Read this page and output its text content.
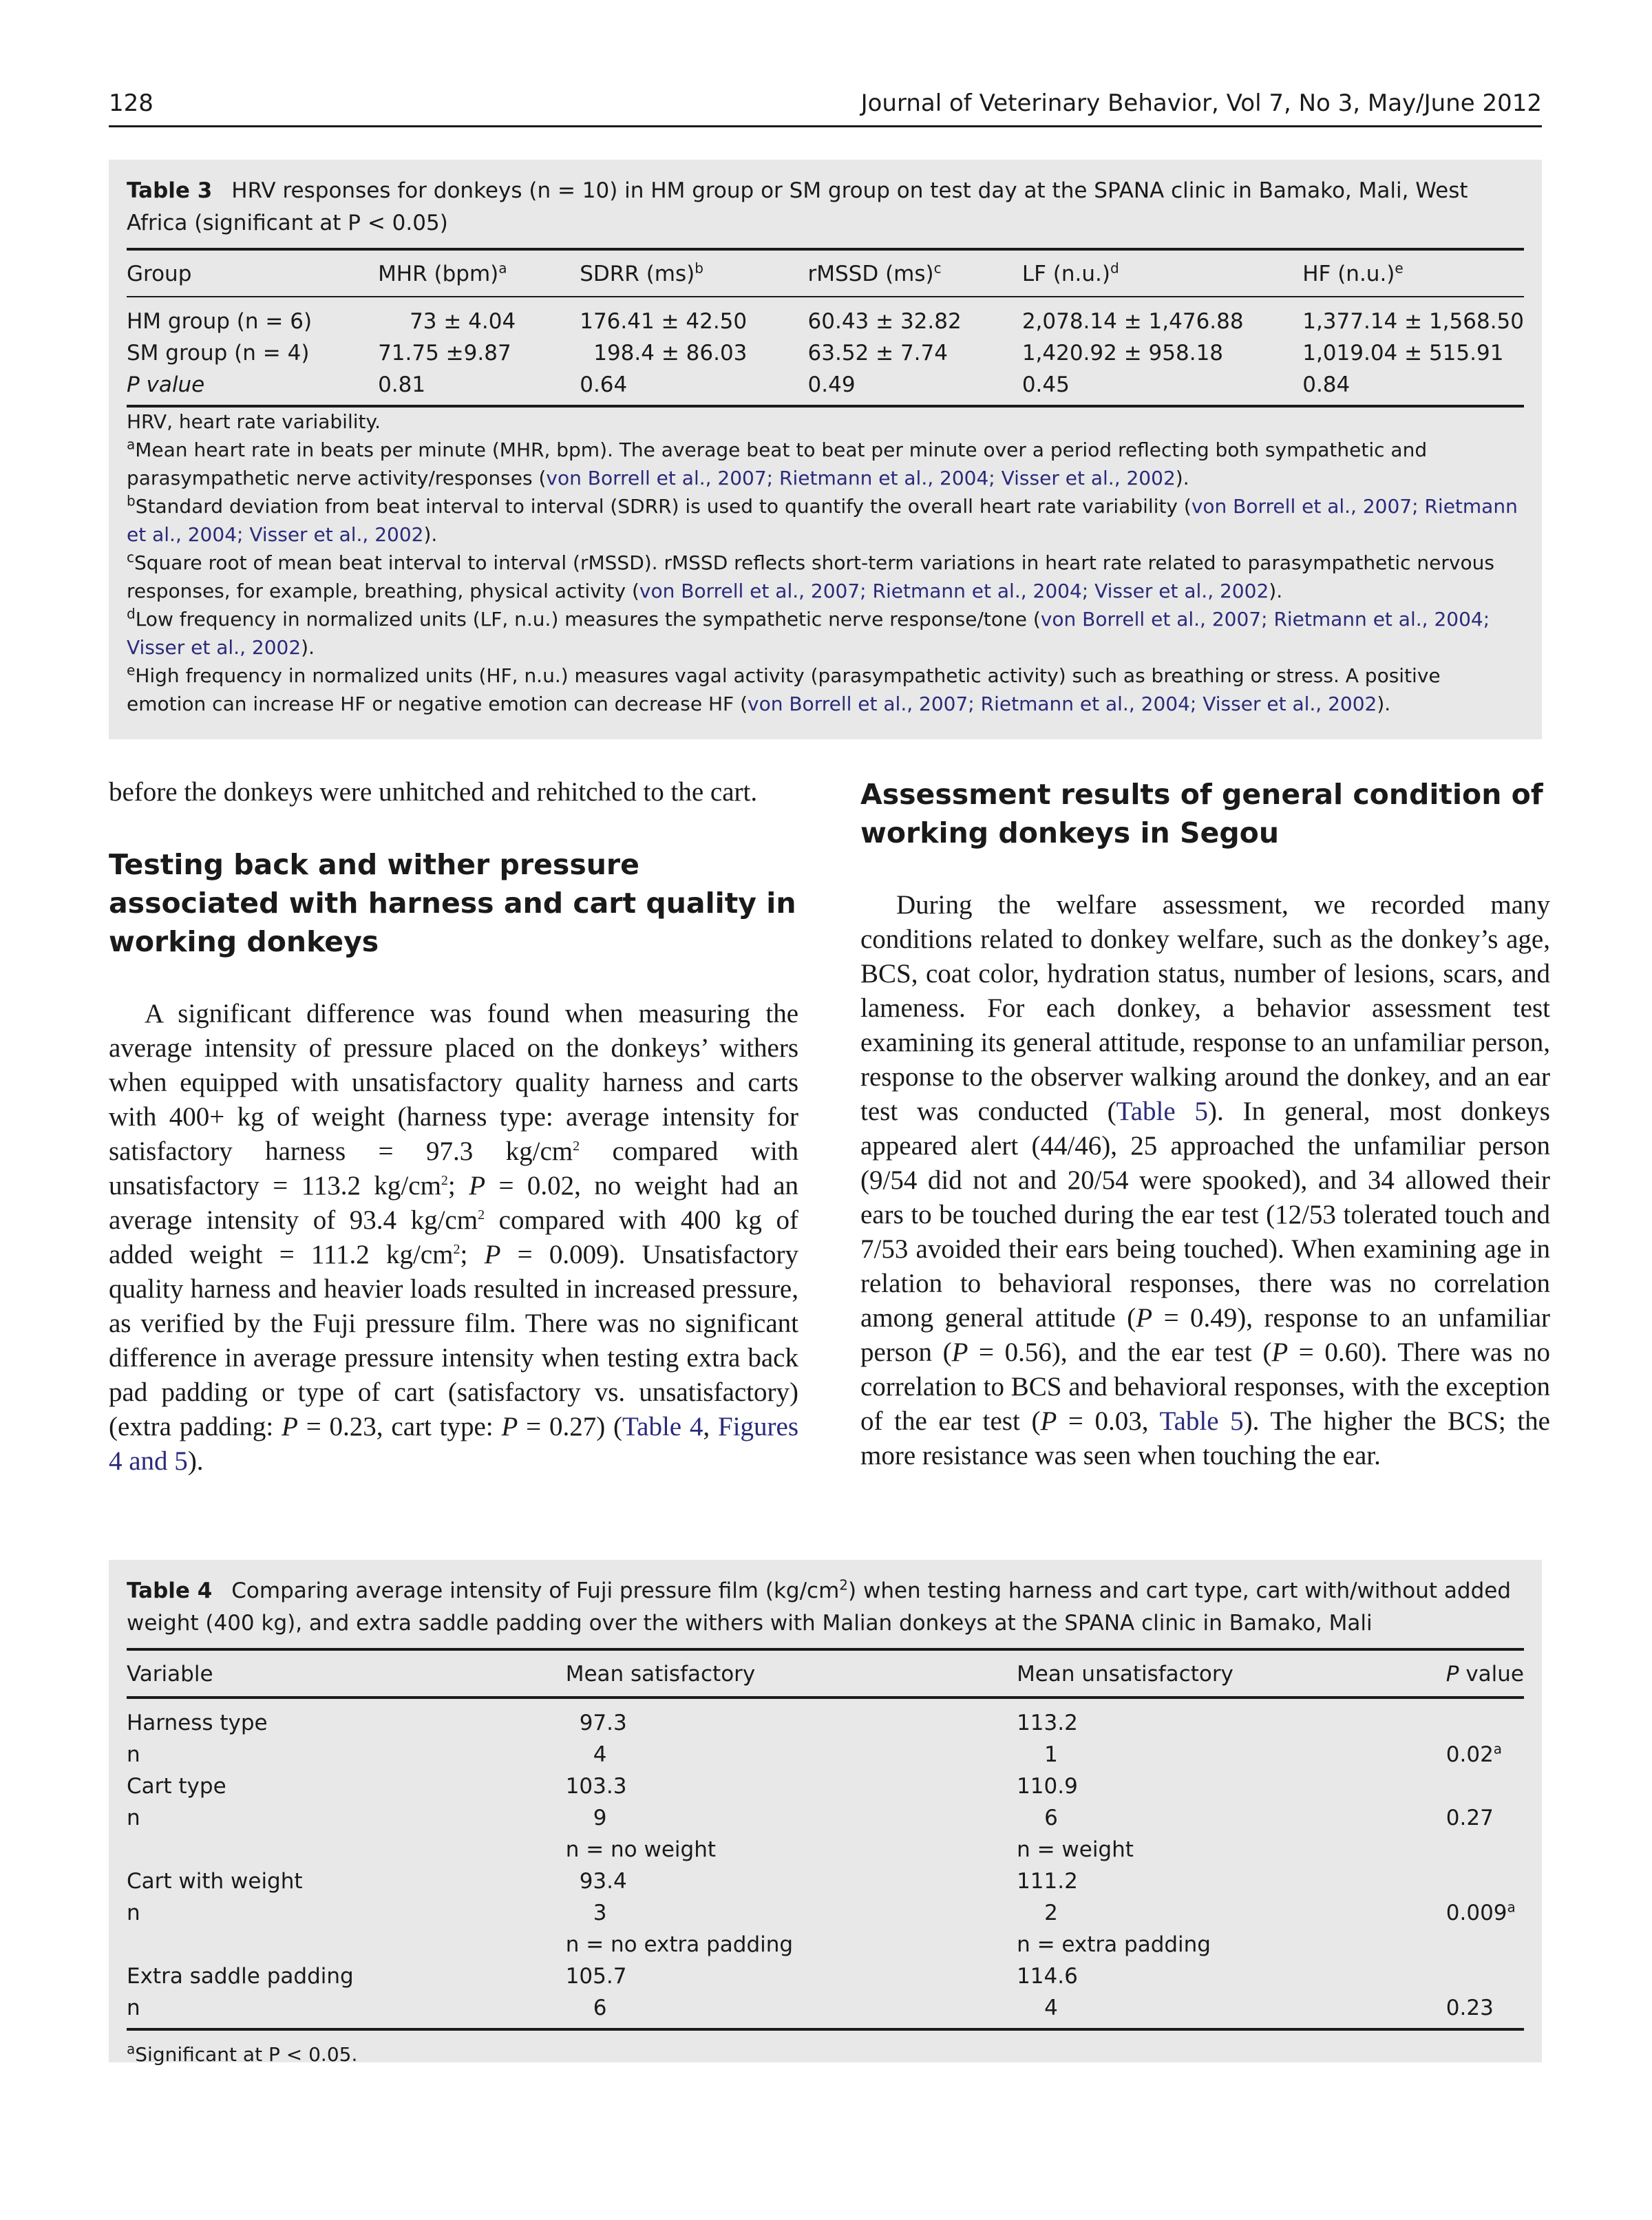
128	Journal of Veterinary Behavior, Vol 7, No 3, May/June 2012
Table 3 HRV responses for donkeys (n = 10) in HM group or SM group on test day at the SPANA clinic in Bamako, Mali, West Africa (significant at P < 0.05)
Group	MHR (bpm)$^a$	SDRR (ms)$^b$	rMSSD (ms)$^c$	LF $(n.u.)^d$	HF $(n.u.)^e$
HM group (n = 6)	73 ± 4.04	176.41 ± 42.50	60.43 ± 32.82	2,078.14 ± 1,476.88	1,377.14 ± 1,568.50
SM group (n = 4)	71.75 ±9.87	198.4 ± 86.03	63.52 ± 7.74	1,420.92 ± 958.18	1,019.04 ± 515.91
P value	0.81	0.64	0.49	0.45	0.84

HRV, heart rate variability.

$^a$Mean heart rate in beats per minute (MHR, bpm). The average beat to beat per minute over a period reflecting both sympathetic and parasympathetic nerve activity/responses (von Borrell et al., 2007; Rietmann et al., 2004; Visser et al., 2002).

$^b$Standard deviation from beat interval to interval (SDRR) is used to quantify the overall heart rate variability (von Borrell et al., 2007; Rietmann et al., 2004; Visser et al., 2002).

$^c$Square root of mean beat interval to interval (rMSSD). rMSSD reflects short-term variations in heart rate related to parasympathetic nervous responses, for example, breathing, physical activity (von Borrell et al., 2007; Rietmann et al., 2004; Visser et al., 2002).

$^d$Low frequency in normalized units (LF, n.u.) measures the sympathetic nerve response/tone (von Borrell et al., 2007; Rietmann et al., 2004; Visser et al., 2002).

$^e$High frequency in normalized units (HF, n.u.) measures vagal activity (parasympathetic activity) such as breathing or stress. A positive emotion can increase HF or negative emotion can decrease HF (von Borrell et al., 2007; Rietmann et al., 2004; Visser et al., 2002).

before the donkeys were unhitched and rehitched to the cart.

Testing back and wither pressure associated with harness and cart quality in working donkeys

A significant difference was found when measuring the average intensity of pressure placed on the donkeys’ withers when equipped with unsatisfactory quality harness and carts with 400+ kg of weight (harness type: average intensity for satisfactory harness = 97.3 $kg/cm^2$ compared with unsatisfactory = 113.2 $kg/cm^2$; P = 0.02, no weight had an average intensity of 93.4 $kg/cm^2$ compared with 400 kg of added weight = 111.2 $kg/cm^2$; P = 0.009). Unsatisfactory quality harness and heavier loads resulted in increased pressure, as verified by the Fuji pressure film. There was no significant difference in average pressure intensity when testing extra back pad padding or type of cart (satisfactory vs. unsatisfactory) (extra padding: P = 0.23, cart type: P = 0.27) (Table 4, Figures 4 and 5).

Assessment results of general condition of working donkeys in Segou

During the welfare assessment, we recorded many conditions related to donkey welfare, such as the donkey’s age, BCS, coat color, hydration status, number of lesions, scars, and lameness. For each donkey, a behavior assessment test examining its general attitude, response to an unfamiliar person, response to the observer walking around the donkey, and an ear test was conducted (Table 5). In general, most donkeys appeared alert (44/46), 25 approached the unfamiliar person (9/54 did not and 20/54 were spooked), and 34 allowed their ears to be touched during the ear test (12/53 tolerated touch and 7/53 avoided their ears being touched). When examining age in relation to behavioral responses, there was no correlation among general attitude (P = 0.49), response to an unfamiliar person (P = 0.56), and the ear test (P = 0.60). There was no correlation to BCS and behavioral responses, with the exception of the ear test (P = 0.03, Table 5). The higher the BCS; the more resistance was seen when touching the ear.

Table 4 Comparing average intensity of Fuji pressure film $(kg/cm^2)$ when testing harness and cart type, cart with/without added weight (400 kg), and extra saddle padding over the withers with Malian donkeys at the SPANA clinic in Bamako, Mali
Variable	Mean satisfactory	Mean unsatisfactory	P value
Harness type	97.3	113.2	
n	4	1	0.02$^a$
Cart type	103.3	110.9	
n	9	6	0.27
	n = no weight	n = weight	
Cart with weight	93.4	111.2	
n	3	2	0.009$^a$
	n = no extra padding	n = extra padding	
Extra saddle padding	105.7	114.6	
n	6	4	0.23

$^a$Significant at P < 0.05.
